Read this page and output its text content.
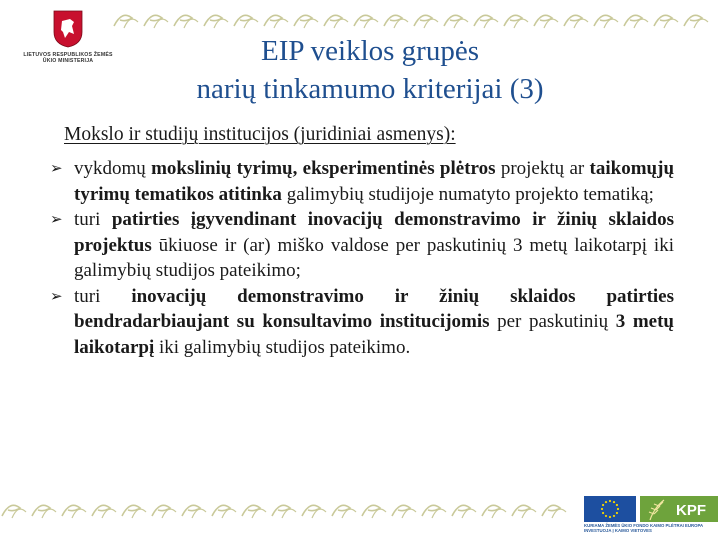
LIETUVOS RESPUBLIKOS ŽEMĖS ŪKIO MINISTERIJA	EIP veiklos grupės
narių tinkamumo kriterijai (3)
Mokslo ir studijų institucijos (juridiniai asmenys):
➢ vykdomų mokslinių tyrimų, eksperimentinės plėtros projektų ar taikomųjų tyrimų tematikos atitinka galimybių studijoje numatyto projekto tematiką;
➢ turi patirties įgyvendinant inovacijų demonstravimo ir žinių sklaidos projektus ūkiuose ir (ar) miško valdose per paskutinių 3 metų laikotarpį iki galimybių studijos pateikimo;
➢ turi inovacijų demonstravimo ir žinių sklaidos patirties bendradarbiaujant su konsultavimo institucijomis per paskutinių 3 metų laikotarpį iki galimybių studijos pateikimo.
KPF
KURIAMA ŽEMĖS ŪKIO FONDO KAIMO PLĖTRAI EUROPA INVESTUOJA Į KAIMO VIETOVES
